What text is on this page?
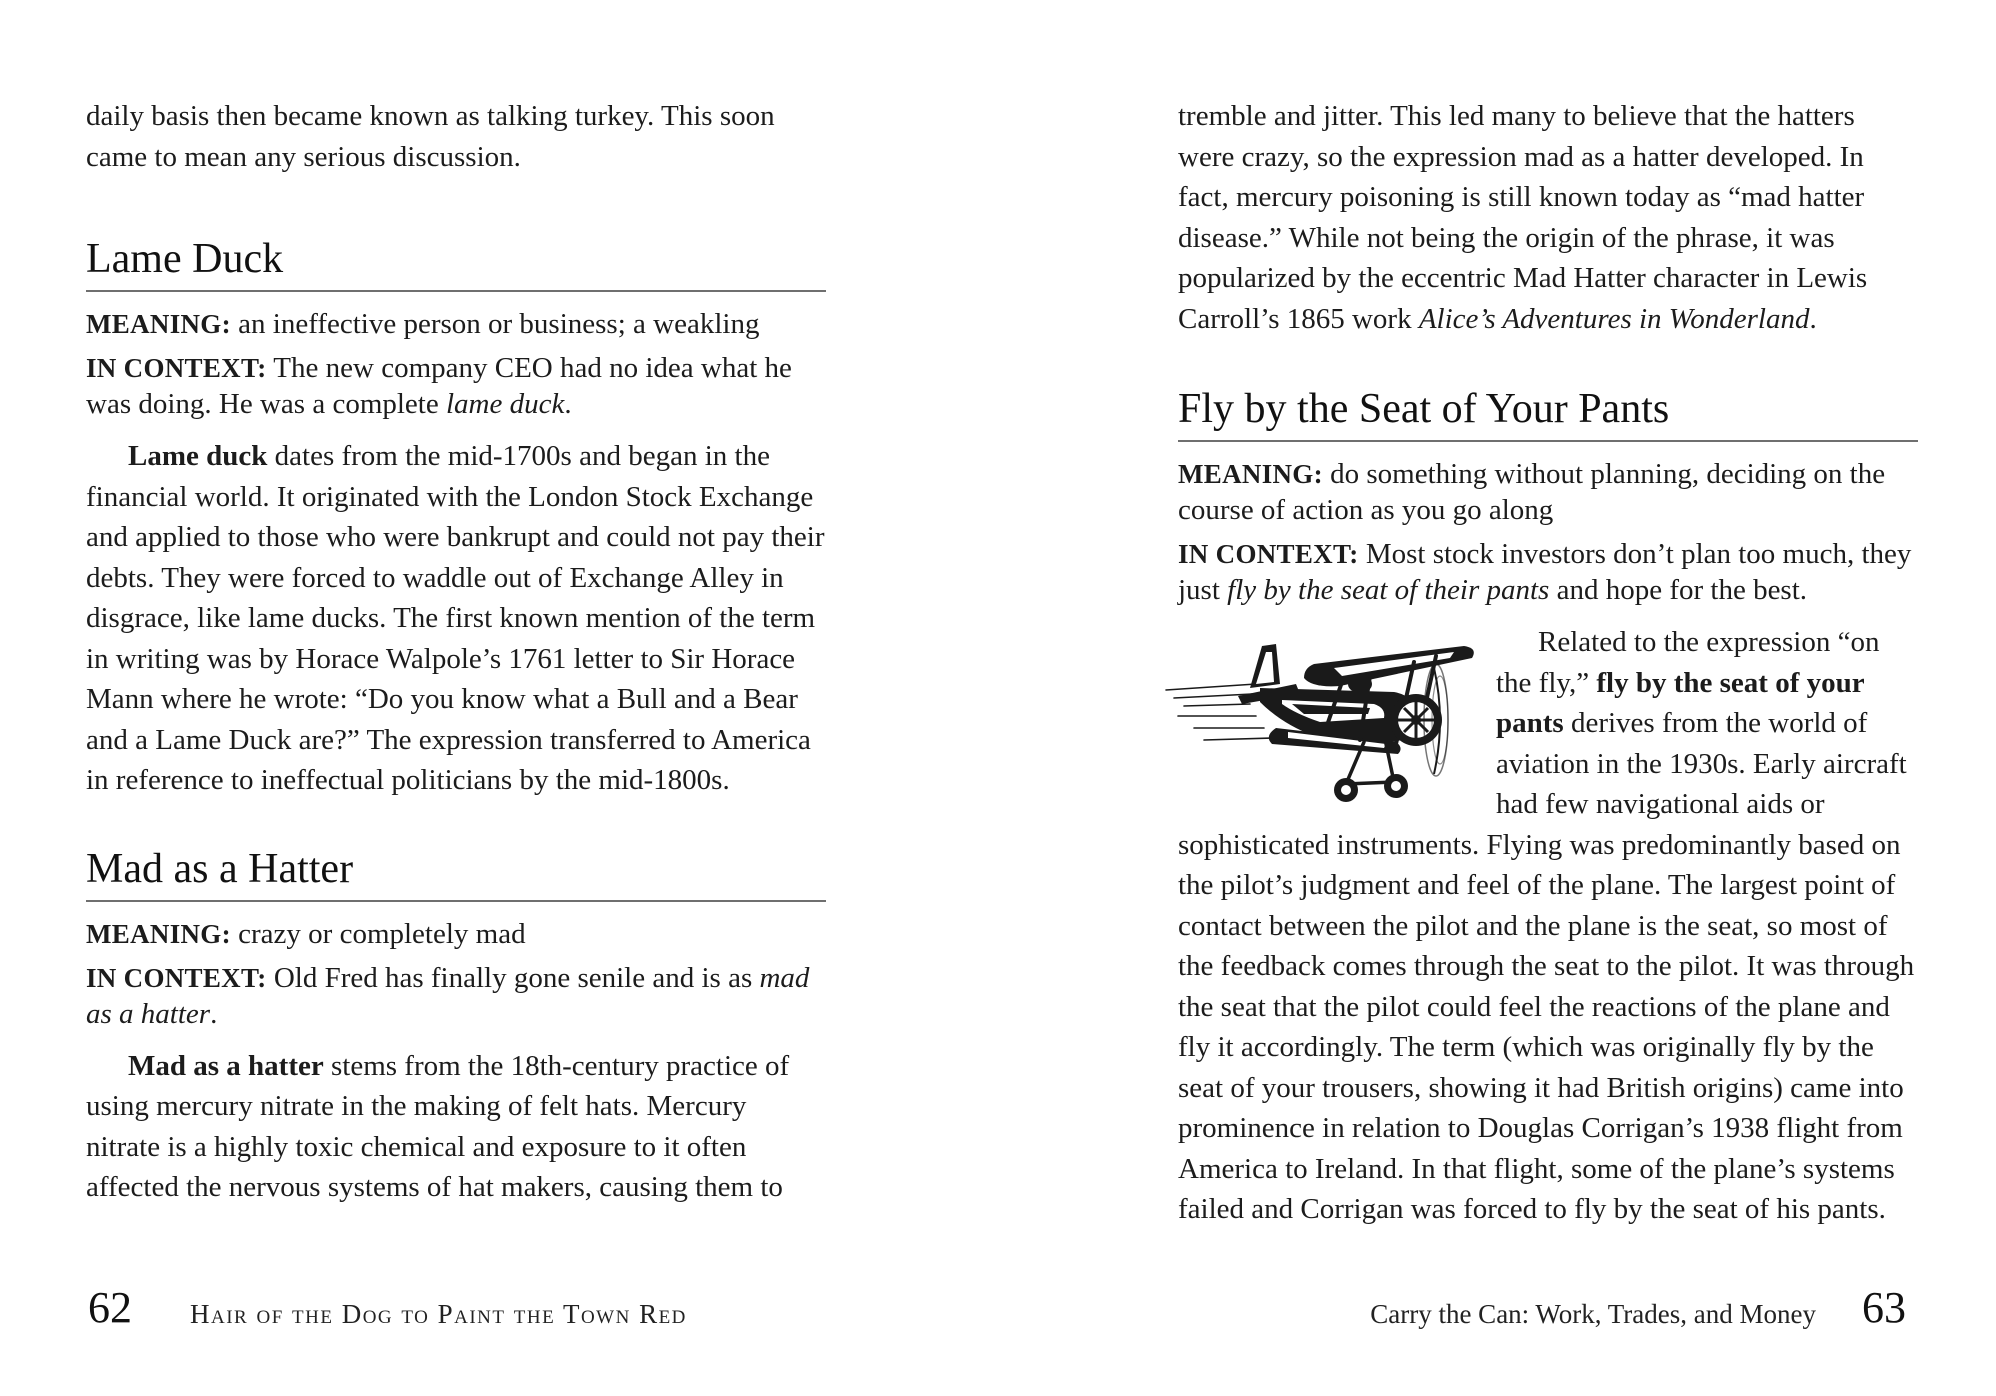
daily basis then became known as talking turkey. This soon came to mean any serious discussion.

Lame Duck

MEANING: an ineffective person or business; a weakling

IN CONTEXT: The new company CEO had no idea what he was doing. He was a complete lame duck.

Lame duck dates from the mid-1700s and began in the financial world. It originated with the London Stock Exchange and applied to those who were bankrupt and could not pay their debts. They were forced to waddle out of Exchange Alley in disgrace, like lame ducks. The first known mention of the term in writing was by Horace Walpole’s 1761 letter to Sir Horace Mann where he wrote: “Do you know what a Bull and a Bear and a Lame Duck are?” The expression transferred to America in reference to ineffectual politicians by the mid-1800s.

Mad as a Hatter

MEANING: crazy or completely mad

IN CONTEXT: Old Fred has finally gone senile and is as mad as a hatter.

Mad as a hatter stems from the 18th-century practice of using mercury nitrate in the making of felt hats. Mercury nitrate is a highly toxic chemical and exposure to it often affected the nervous systems of hat makers, causing them to

62 Hair of the Dog to Paint the Town Red

tremble and jitter. This led many to believe that the hatters were crazy, so the expression mad as a hatter developed. In fact, mercury poisoning is still known today as “mad hatter disease.” While not being the origin of the phrase, it was popularized by the eccentric Mad Hatter character in Lewis Carroll’s 1865 work Alice’s Adventures in Wonderland.

Fly by the Seat of Your Pants

MEANING: do something without planning, deciding on the course of action as you go along

IN CONTEXT: Most stock investors don’t plan too much, they just fly by the seat of their pants and hope for the best.

Related to the expression “on the fly,” fly by the seat of your pants derives from the world of aviation in the 1930s. Early aircraft had few navigational aids or sophisticated instruments. Flying was predominantly based on the pilot’s judgment and feel of the plane. The largest point of contact between the pilot and the plane is the seat, so most of the feedback comes through the seat to the pilot. It was through the seat that the pilot could feel the reactions of the plane and fly it accordingly. The term (which was originally fly by the seat of your trousers, showing it had British origins) came into prominence in relation to Douglas Corrigan’s 1938 flight from America to Ireland. In that flight, some of the plane’s systems failed and Corrigan was forced to fly by the seat of his pants.

Carry the Can: Work, Trades, and Money 63
